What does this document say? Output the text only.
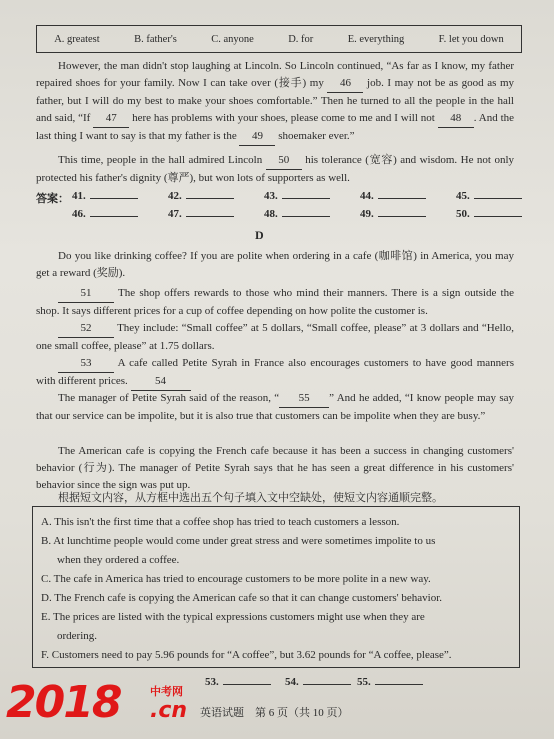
A. greatest	B. father's	C. anyone	D. for	E. everything	F. let you down
However, the man didn't stop laughing at Lincoln. So Lincoln continued, “As far as I know, my father repaired shoes for your family. Now I can take over (接手) my 46 job. I may not be as good as my father, but I will do my best to make your shoes comfortable.” Then he turned to all the people in the hall and said, “If 47 here has problems with your shoes, please come to me and I will not 48 . And the last thing I want to say is that my father is the 49 shoemaker ever.”
This time, people in the hall admired Lincoln 50 his tolerance (宽容) and wisdom. He not only protected his father's dignity (尊严), but won lots of supporters as well.
答案： 41.	42.	43.	44.	45.
46.	47.	48.	49.	50.
D
Do you like drinking coffee? If you are polite when ordering in a cafe (咖啡馆) in America, you may get a reward (奖励).
51 The shop offers rewards to those who mind their manners. There is a sign outside the shop. It says different prices for a cup of coffee depending on how polite the customer is.
52 They include: “Small coffee” at 5 dollars, “Small coffee, please” at 3 dollars and “Hello, one small coffee, please” at 1.75 dollars.
53 A cafe called Petite Syrah in France also encourages customers to have good manners with different prices. 54
The manager of Petite Syrah said of the reason, “ 55 ” And he added, “I know people may say that our service can be impolite, but it is also true that customers can be impolite when they are busy.”
The American cafe is copying the French cafe because it has been a success in changing customers' behavior (行为). The manager of Petite Syrah says that he has seen a great difference in his customers' behavior since the sign was put up.
根据短文内容，从方框中选出五个句子填入文中空缺处，使短文内容通顺完整。
A. This isn't the first time that a coffee shop has tried to teach customers a lesson.
B. At lunchtime people would come under great stress and were sometimes impolite to us
when they ordered a coffee.
C. The cafe in America has tried to encourage customers to be more polite in a new way.
D. The French cafe is copying the American cafe so that it can change customers' behavior.
E. The prices are listed with the typical expressions customers might use when they are
ordering.
F. Customers need to pay 5.96 pounds for “A coffee”, but 3.62 pounds for “A coffee, please”.
53.	54.	55.
2018	中考网
.cn 英语试题　第 6 页（共 10 页）
